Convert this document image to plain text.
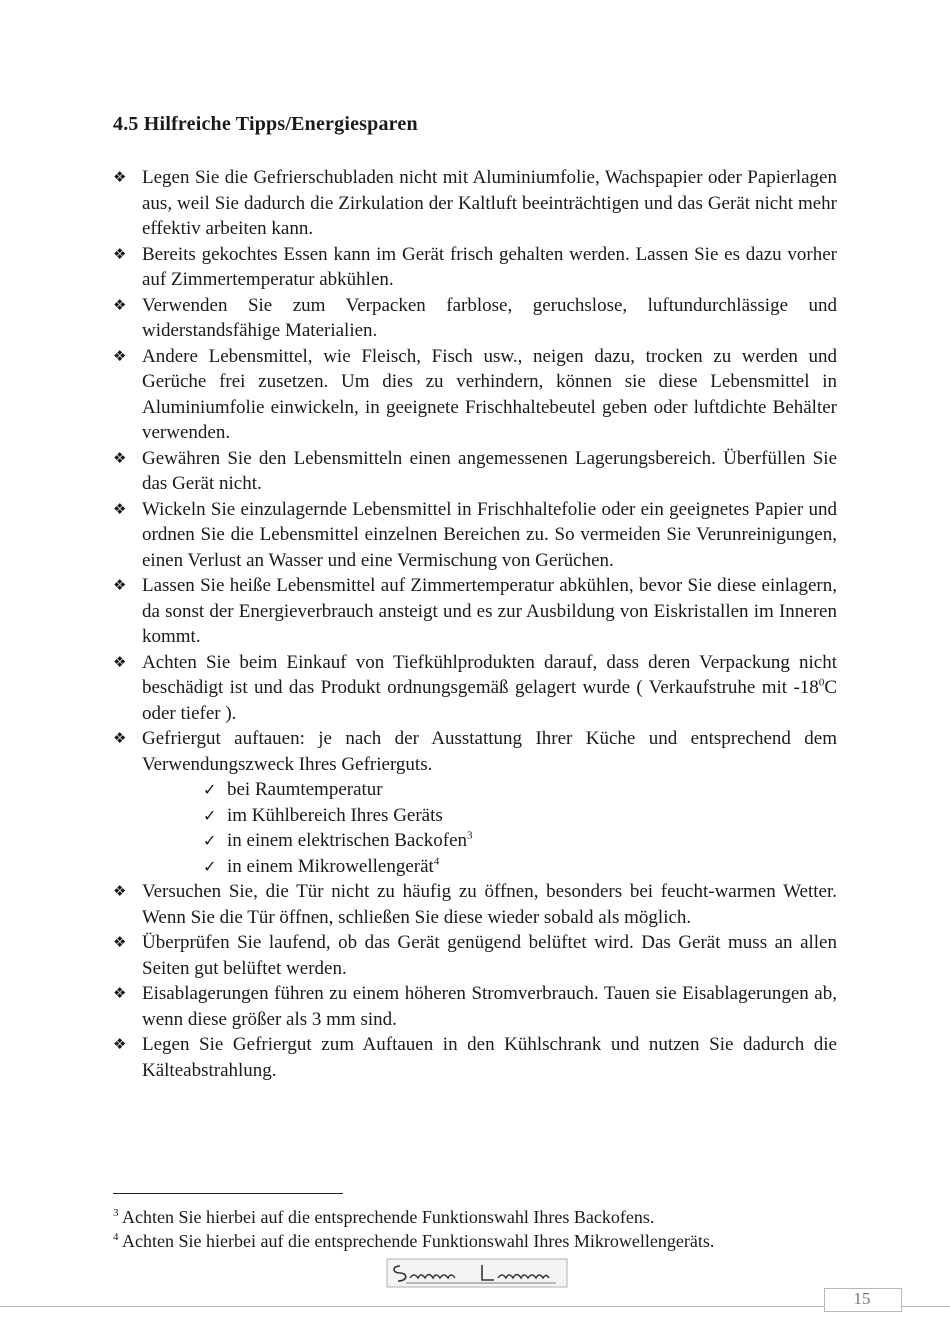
4.5 Hilfreiche Tipps/Energiesparen
❖ Legen Sie die Gefrierschubladen nicht mit Aluminiumfolie, Wachspapier oder Papierlagen aus, weil Sie dadurch die Zirkulation der Kaltluft beeinträchtigen und das Gerät nicht mehr effektiv arbeiten kann.
❖ Bereits gekochtes Essen kann im Gerät frisch gehalten werden. Lassen Sie es dazu vorher auf Zimmertemperatur abkühlen.
❖ Verwenden Sie zum Verpacken farblose, geruchslose, luftundurchlässige und widerstandsfähige Materialien.
❖ Andere Lebensmittel, wie Fleisch, Fisch usw., neigen dazu, trocken zu werden und Gerüche frei zusetzen. Um dies zu verhindern, können sie diese Lebensmittel in Aluminiumfolie einwickeln, in geeignete Frischhaltebeutel geben oder luftdichte Behälter verwenden.
❖ Gewähren Sie den Lebensmitteln einen angemessenen Lagerungsbereich. Überfüllen Sie das Gerät nicht.
❖ Wickeln Sie einzulagernde Lebensmittel in Frischhaltefolie oder ein geeignetes Papier und ordnen Sie die Lebensmittel einzelnen Bereichen zu. So vermeiden Sie Verunreinigungen, einen Verlust an Wasser und eine Vermischung von Gerüchen.
❖ Lassen Sie heiße Lebensmittel auf Zimmertemperatur abkühlen, bevor Sie diese einlagern, da sonst der Energieverbrauch ansteigt und es zur Ausbildung von Eiskristallen im Inneren kommt.
❖ Achten Sie beim Einkauf von Tiefkühlprodukten darauf, dass deren Verpackung nicht beschädigt ist und das Produkt ordnungsgemäß gelagert wurde ( Verkaufstruhe mit $-18^0C$ oder tiefer ).
❖ Gefriergut auftauen: je nach der Ausstattung Ihrer Küche und entsprechend dem Verwendungszweck Ihres Gefrierguts.
✓ bei Raumtemperatur
✓ im Kühlbereich Ihres Geräts
✓ in einem elektrischen Backofen$^3$
✓ in einem Mikrowellengerät$^4$
❖ Versuchen Sie, die Tür nicht zu häufig zu öffnen, besonders bei feucht-warmen Wetter. Wenn Sie die Tür öffnen, schließen Sie diese wieder sobald als möglich.
❖ Überprüfen Sie laufend, ob das Gerät genügend belüftet wird. Das Gerät muss an allen Seiten gut belüftet werden.
❖ Eisablagerungen führen zu einem höheren Stromverbrauch. Tauen sie Eisablagerungen ab, wenn diese größer als 3 mm sind.
❖ Legen Sie Gefriergut zum Auftauen in den Kühlschrank und nutzen Sie dadurch die Kälteabstrahlung.

$^3$ Achten Sie hierbei auf die entsprechende Funktionswahl Ihres Backofens.

$^4$ Achten Sie hierbei auf die entsprechende Funktionswahl Ihres Mikrowellengeräts.

15
